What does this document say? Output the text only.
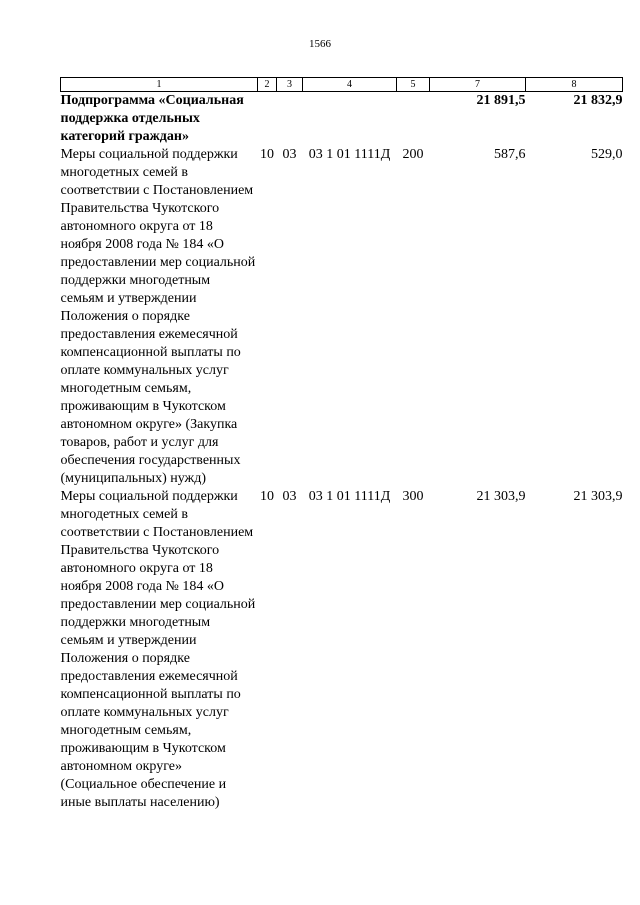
1566
1	2	3	4	5	7	8
Подпрограмма «Социальная поддержка отдельных категорий граждан»					21 891,5	21 832,9
Меры социальной поддержки многодетных семей в соответствии с Постановлением Правительства Чукотского автономного округа от 18 ноября 2008 года № 184 «О предоставлении мер социальной поддержки многодетным семьям и утверждении Положения о порядке предоставления ежемесячной компенсационной выплаты по оплате коммунальных услуг многодетным семьям, проживающим в Чукотском автономном округе» (Закупка товаров, работ и услуг для обеспечения государственных (муниципальных) нужд)	10	03	03 1 01 1111Д	200	587,6	529,0
Меры социальной поддержки многодетных семей в соответствии с Постановлением Правительства Чукотского автономного округа от 18 ноября 2008 года № 184 «О предоставлении мер социальной поддержки многодетным семьям и утверждении Положения о порядке предоставления ежемесячной компенсационной выплаты по оплате коммунальных услуг многодетным семьям, проживающим в Чукотском автономном округе» (Социальное обеспечение и иные выплаты населению)	10	03	03 1 01 1111Д	300	21 303,9	21 303,9
